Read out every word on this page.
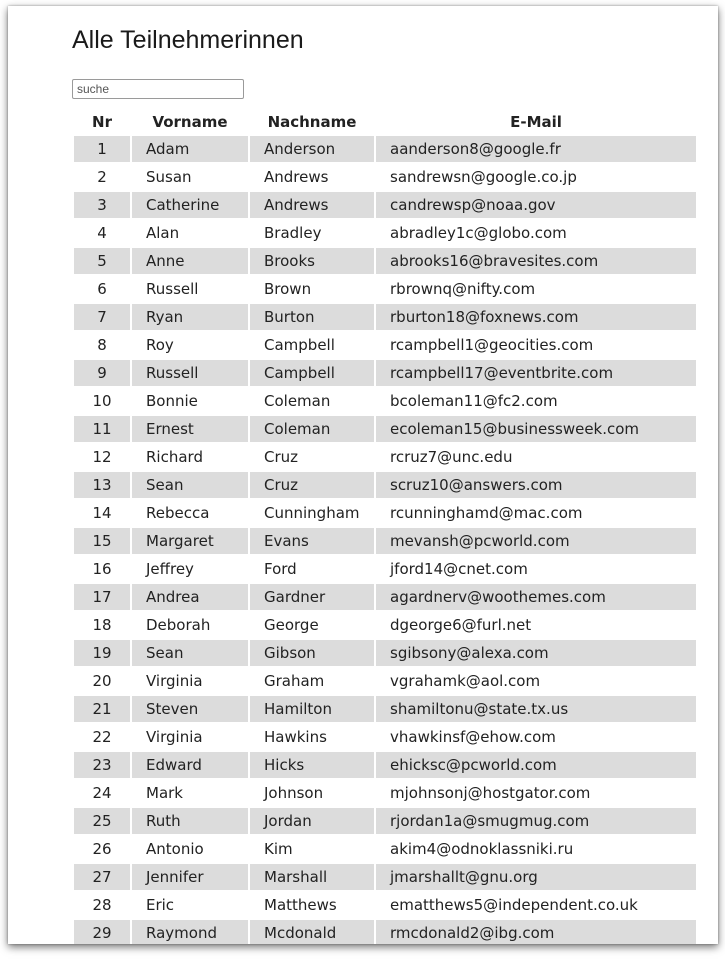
Alle Teilnehmerinnen
suche
Nr	Vorname	Nachname	E-Mail
1	Adam	Anderson	aanderson8@google.fr
2	Susan	Andrews	sandrewsn@google.co.jp
3	Catherine	Andrews	candrewsp@noaa.gov
4	Alan	Bradley	abradley1c@globo.com
5	Anne	Brooks	abrooks16@bravesites.com
6	Russell	Brown	rbrownq@nifty.com
7	Ryan	Burton	rburton18@foxnews.com
8	Roy	Campbell	rcampbell1@geocities.com
9	Russell	Campbell	rcampbell17@eventbrite.com
10	Bonnie	Coleman	bcoleman11@fc2.com
11	Ernest	Coleman	ecoleman15@businessweek.com
12	Richard	Cruz	rcruz7@unc.edu
13	Sean	Cruz	scruz10@answers.com
14	Rebecca	Cunningham	rcunninghamd@mac.com
15	Margaret	Evans	mevansh@pcworld.com
16	Jeffrey	Ford	jford14@cnet.com
17	Andrea	Gardner	agardnerv@woothemes.com
18	Deborah	George	dgeorge6@furl.net
19	Sean	Gibson	sgibsony@alexa.com
20	Virginia	Graham	vgrahamk@aol.com
21	Steven	Hamilton	shamiltonu@state.tx.us
22	Virginia	Hawkins	vhawkinsf@ehow.com
23	Edward	Hicks	ehicksc@pcworld.com
24	Mark	Johnson	mjohnsonj@hostgator.com
25	Ruth	Jordan	rjordan1a@smugmug.com
26	Antonio	Kim	akim4@odnoklassniki.ru
27	Jennifer	Marshall	jmarshallt@gnu.org
28	Eric	Matthews	ematthews5@independent.co.uk
29	Raymond	Mcdonald	rmcdonald2@ibg.com
